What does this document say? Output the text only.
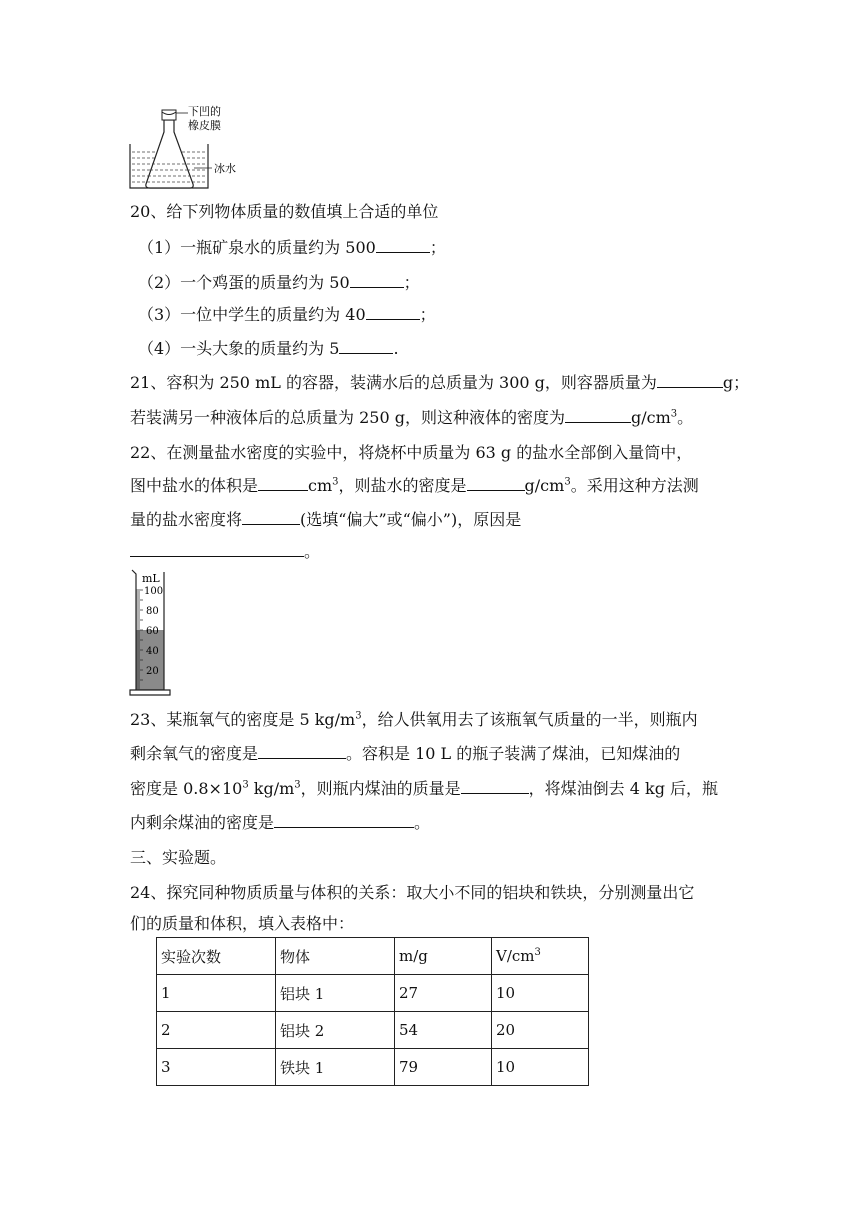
下凹的
橡皮膜
冰水
20、给下列物体质量的数值填上合适的单位
（1）一瓶矿泉水的质量约为 500	；
（2）一个鸡蛋的质量约为 50	；
（3）一位中学生的质量约为 40	；
（4）一头大象的质量约为 5	.
21、容积为 250 mL 的容器，装满水后的总质量为 300 g，则容器质量为	g；
若装满另一种液体后的总质量为 250 g，则这种液体的密度为	$g/cm^3$。
22、在测量盐水密度的实验中，将烧杯中质量为 63 g 的盐水全部倒入量筒中，
图中盐水的体积是	$cm^3$，则盐水的密度是	$g/cm^3$。采用这种方法测
量的盐水密度将	(选填“偏大”或“偏小”)，原因是
。
mL
100
80
60
40
20
23、某瓶氧气的密度是 5 $kg/m^3$，给人供氧用去了该瓶氧气质量的一半，则瓶内
剩余氧气的密度是	。容积是 10 L 的瓶子装满了煤油，已知煤油的
密度是 $0.8\times 10^3$ $kg/m^3$，则瓶内煤油的质量是	，将煤油倒去 4 kg 后，瓶
内剩余煤油的密度是	。
三、实验题。
24、探究同种物质质量与体积的关系：取大小不同的铝块和铁块，分别测量出它
们的质量和体积，填入表格中：
实验次数	物体	m/g	$V/cm^3$
1	铝块 1	27	10
2	铝块 2	54	20
3	铁块 1	79	10
